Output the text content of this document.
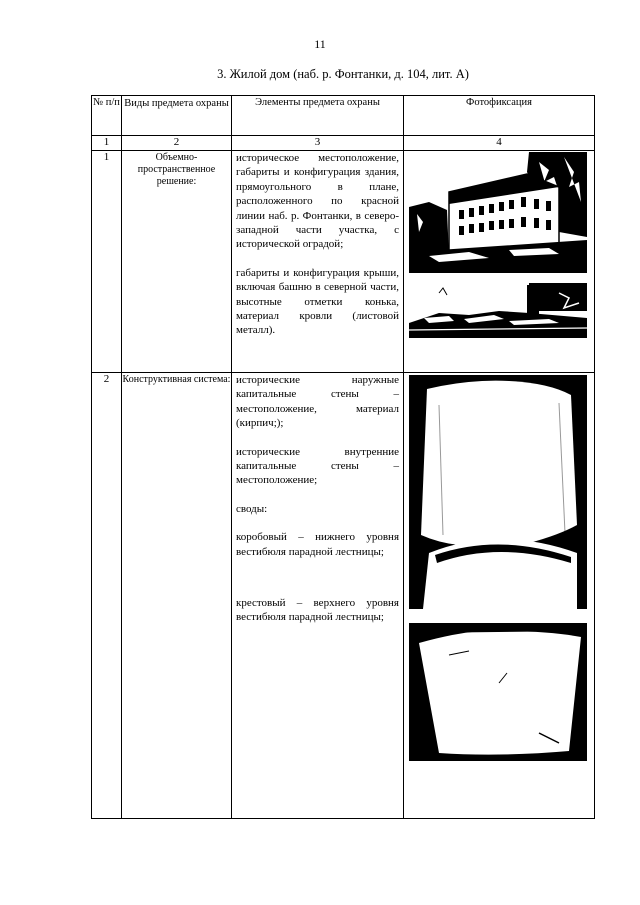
11
3. Жилой дом (наб. р. Фонтанки, д. 104, лит. А)
№ п/п	Виды предмета охраны	Элементы предмета охраны	Фотофиксация
1	2	3	4
1	Объемно-пространственное решение:	историческое местоположение, габариты и конфигурация здания, прямоугольного в плане, расположенного по красной линии наб. р. Фонтанки, в северо-западной части участка, с исторической оградой;

габариты и конфигурация крыши, включая башню в северной части, высотные отметки конька, материал кровли (листовой металл).

2	Конструктивная система:	исторические наружные капитальные стены – местоположение, материал (кирпич;);

исторические внутренние капитальные стены – местоположение;

своды:

коробовый – нижнего уровня вестибюля парадной лестницы;

крестовый – верхнего уровня вестибюля парадной лестницы;
